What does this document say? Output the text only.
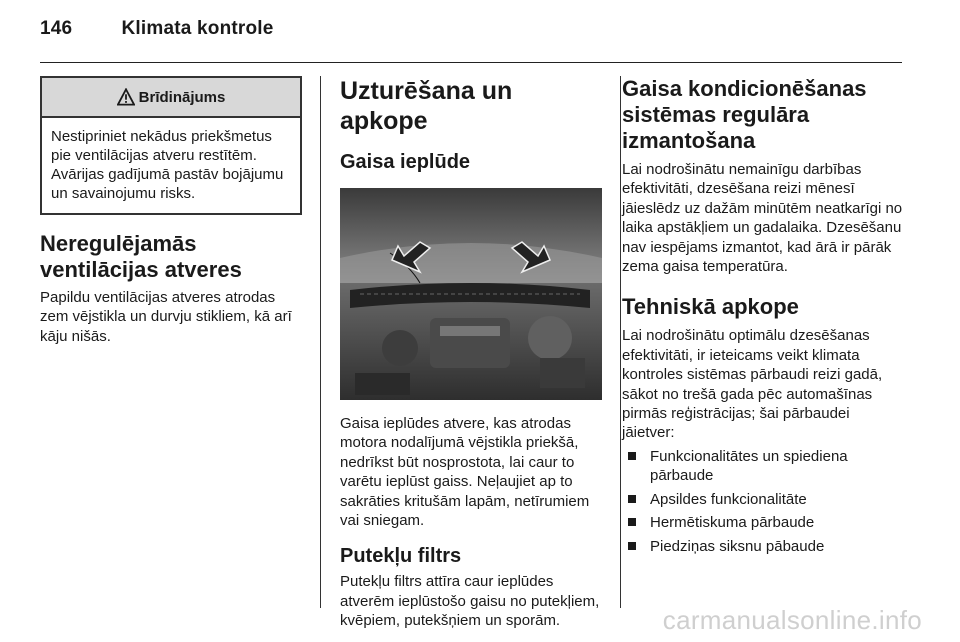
146	Klimata kontrole
Brīdinājums
Nestipriniet nekādus priekšmetus pie ventilācijas atveru restītēm. Avārijas gadījumā pastāv bojājumu un savainojumu risks.
Neregulējamās ventilācijas atveres

Papildu ventilācijas atveres atrodas zem vējstikla un durvju stikliem, kā arī kāju nišās.

Uzturēšana un apkope
Gaisa ieplūde

Gaisa ieplūdes atvere, kas atrodas motora nodalījumā vējstikla priekšā, nedrīkst būt nosprostota, lai caur to varētu ieplūst gaiss. Neļaujiet ap to sakrāties kritušām lapām, netīrumiem vai sniegam.

Putekļu filtrs

Putekļu filtrs attīra caur ieplūdes atverēm ieplūstošo gaisu no putekļiem, kvēpiem, putekšņiem un sporām.

Gaisa kondicionēšanas sistēmas regulāra izmantošana

Lai nodrošinātu nemainīgu darbības efektivitāti, dzesēšana reizi mēnesī jāieslēdz uz dažām minūtēm neatkarīgi no laika apstākļiem un gadalaika. Dzesēšanu nav iespējams izmantot, kad ārā ir pārāk zema gaisa temperatūra.

Tehniskā apkope

Lai nodrošinātu optimālu dzesēšanas efektivitāti, ir ieteicams veikt klimata kontroles sistēmas pārbaudi reizi gadā, sākot no trešā gada pēc automašīnas pirmās reģistrācijas; šai pārbaudei jāietver:

Funkcionalitātes un spiediena pārbaude
Apsildes funkcionalitāte
Hermētiskuma pārbaude
Piedziņas siksnu pābaude
carmanualsonline.info
